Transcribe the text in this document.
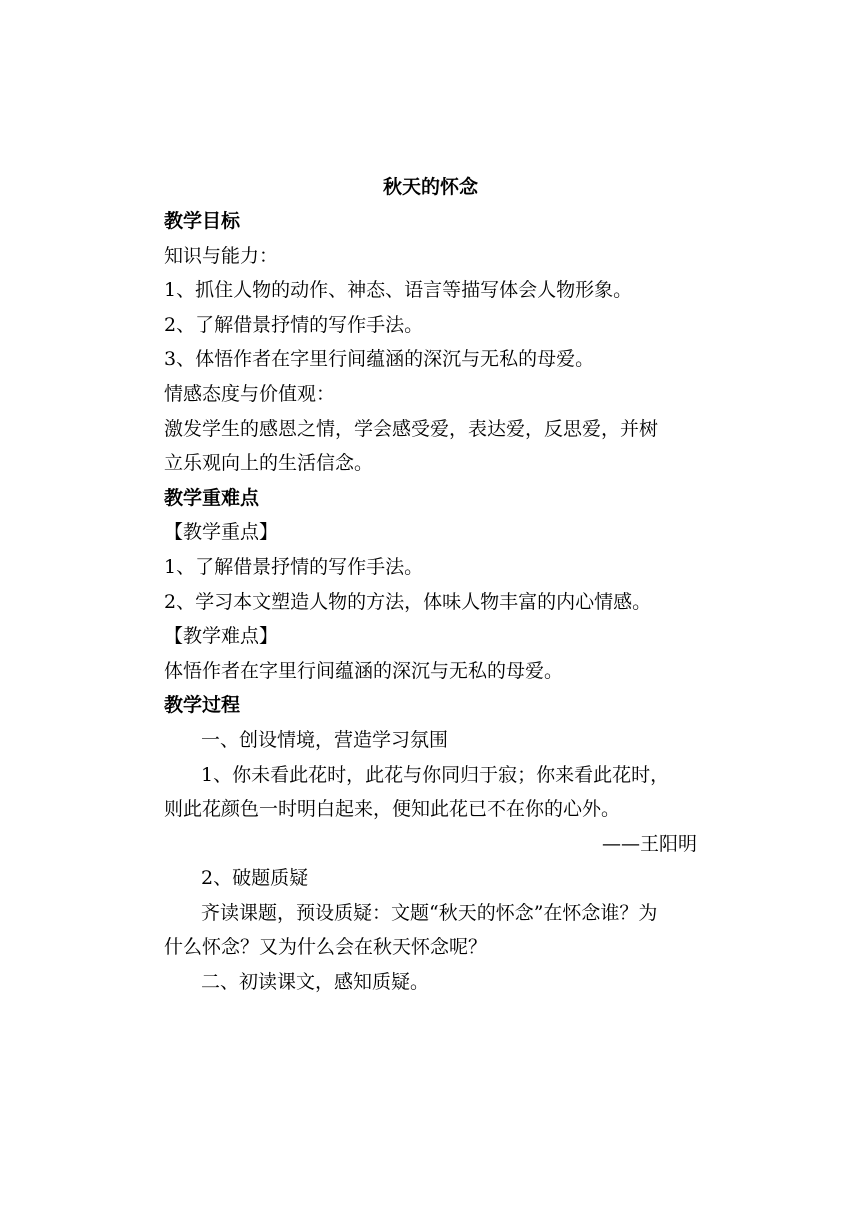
秋天的怀念
教学目标
知识与能力：
1、抓住人物的动作、神态、语言等描写体会人物形象。
2、了解借景抒情的写作手法。
3、体悟作者在字里行间蕴涵的深沉与无私的母爱。
情感态度与价值观：
激发学生的感恩之情，学会感受爱，表达爱，反思爱，并树
立乐观向上的生活信念。
教学重难点
【教学重点】
1、了解借景抒情的写作手法。
2、学习本文塑造人物的方法，体味人物丰富的内心情感。
【教学难点】
体悟作者在字里行间蕴涵的深沉与无私的母爱。
教学过程
一、创设情境，营造学习氛围
1、你未看此花时，此花与你同归于寂；你来看此花时，
则此花颜色一时明白起来，便知此花已不在你的心外。
——王阳明
2、破题质疑
齐读课题，预设质疑：文题“秋天的怀念”在怀念谁？为
什么怀念？又为什么会在秋天怀念呢？
二、初读课文，感知质疑。
